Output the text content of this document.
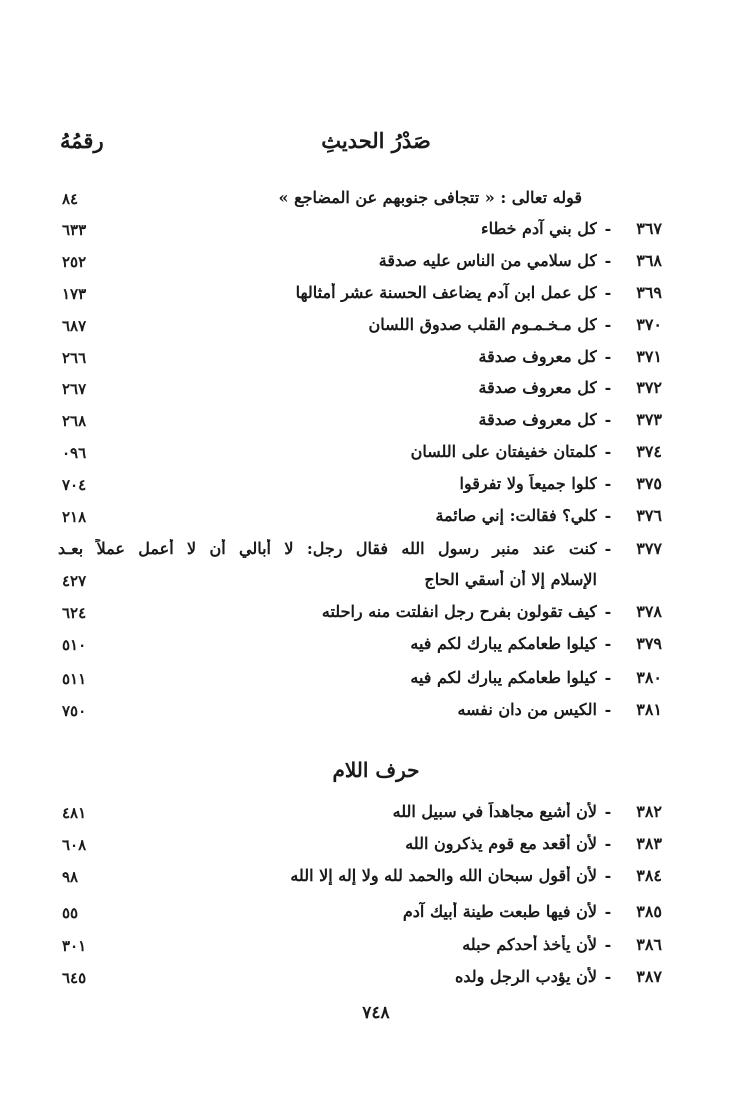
صَدْرُ الحديثِ
رقمُهُ
قوله تعالى : « تتجافى جنوبهم عن المضاجع »
٨٤
٣٦٧
-
كل بني آدم خطاء
٦٣٣
٣٦٨
-
كل سلامي من الناس عليه صدقة
٢٥٢
٣٦٩
-
كل عمل ابن آدم يضاعف الحسنة عشر أمثالها
١٧٣
٣٧٠
-
كل مـخـمـوم القلب صدوق اللسان
٦٨٧
٣٧١
-
كل معروف صدقة
٢٦٦
٣٧٢
-
كل معروف صدقة
٢٦٧
٣٧٣
-
كل معروف صدقة
٢٦٨
٣٧٤
-
كلمتان خفيفتان على اللسان
٠٩٦
٣٧٥
-
كلوا جميعاً ولا تفرقوا
٧٠٤
٣٧٦
-
كلي؟ فقالت: إني صائمة
٢١٨
٣٧٧
-
كنت عند منبر رسول الله فقال رجل: لا أبالي أن لا أعمل عملاً بعـد
الإسلام إلا أن أسقي الحاج
٤٢٧
٣٧٨
-
كيف تقولون بفرح رجل انفلتت منه راحلته
٦٢٤
٣٧٩
-
كيلوا طعامكم يبارك لكم فيه
٥١٠
٣٨٠
-
كيلوا طعامكم يبارك لكم فيه
٥١١
٣٨١
-
الكيس من دان نفسه
٧٥٠
حرف اللام
٣٨٢
-
لأن أشيع مجاهداً في سبيل الله
٤٨١
٣٨٣
-
لأن أقعد مع قوم يذكرون الله
٦٠٨
٣٨٤
-
لأن أقول سبحان الله والحمد لله ولا إله إلا الله
٩٨
٣٨٥
-
لأن فيها طبعت طينة أبيك آدم
٥٥
٣٨٦
-
لأن يأخذ أحدكم حبله
٣٠١
٣٨٧
-
لأن يؤدب الرجل ولده
٦٤٥
٧٤٨
